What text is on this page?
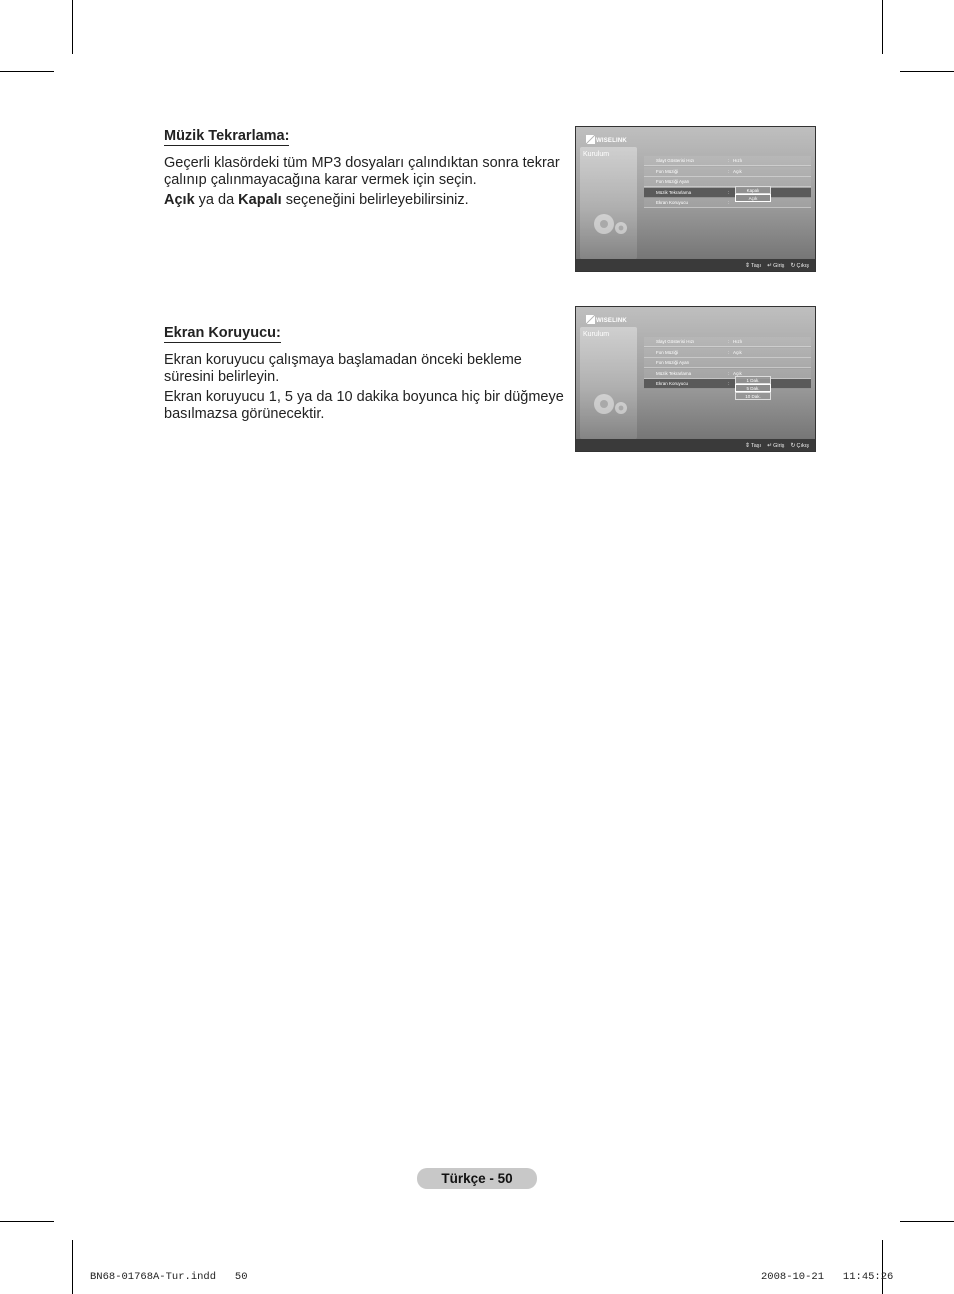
Müzik Tekrarlama:

Geçerli klasördeki tüm MP3 dosyaları çalındıktan sonra tekrar çalınıp çalınmayacağına karar vermek için seçin.

Açık ya da Kapalı seçeneğini belirleyebilirsiniz.

WISELINK
Kurulum
Slayt Gösterisi Hızı	: Hızlı
Fon Müziği	: Açık
Fon Müziği Ayarı
Müzik Tekrarlama	:
Ekran Koruyucu	:
Kapalı
Açık
⇕Taşı ↵Giriş ↻Çıkış
Ekran Koruyucu:

Ekran koruyucu çalışmaya başlamadan önceki bekleme süresini belirleyin.

Ekran koruyucu 1, 5 ya da 10 dakika boyunca hiç bir düğmeye basılmazsa görünecektir.

WISELINK
Kurulum
Slayt Gösterisi Hızı	: Hızlı
Fon Müziği	: Açık
Fon Müziği Ayarı
Müzik Tekrarlama	: Açık
Ekran Koruyucu	:
1 Dak.
5 Dak.
10 Dak.
⇕Taşı ↵Giriş ↻Çıkış
Türkçe - 50
BN68-01768A-Tur.indd   50	2008-10-21   11:45:26
